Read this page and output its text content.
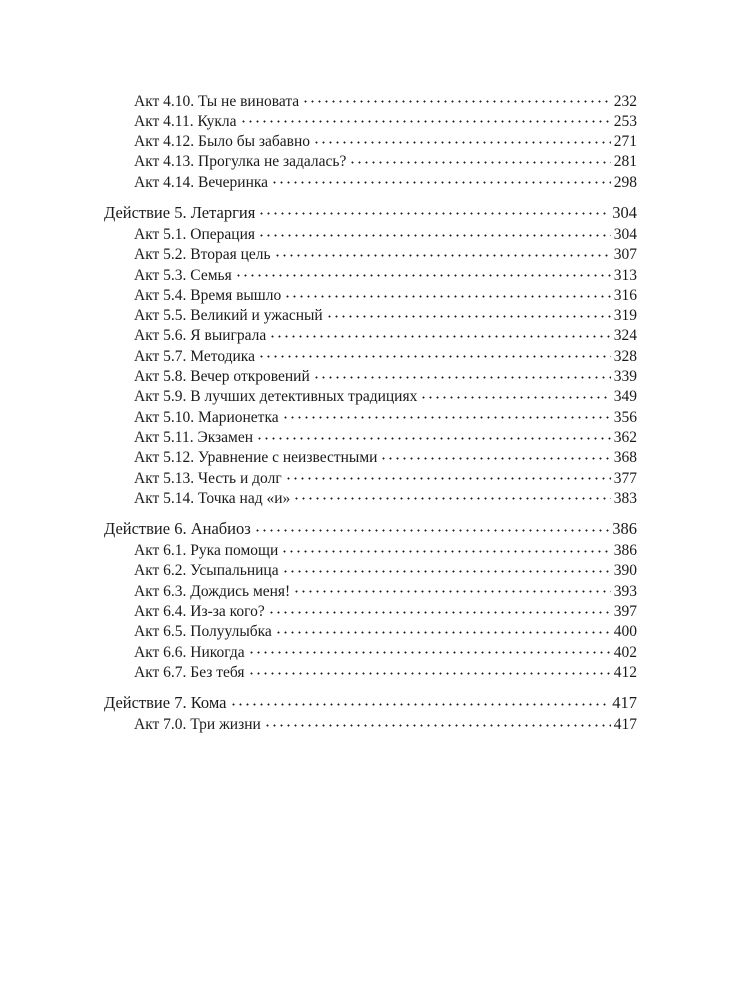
Акт 4.10. Ты не виновата	232
Акт 4.11. Кукла	253
Акт 4.12. Было бы забавно	271
Акт 4.13. Прогулка не задалась?	281
Акт 4.14. Вечеринка	298
Действие 5. Летаргия	304
Акт 5.1. Операция	304
Акт 5.2. Вторая цель	307
Акт 5.3. Семья	313
Акт 5.4. Время вышло	316
Акт 5.5. Великий и ужасный	319
Акт 5.6. Я выиграла	324
Акт 5.7. Методика	328
Акт 5.8. Вечер откровений	339
Акт 5.9. В лучших детективных традициях	349
Акт 5.10. Марионетка	356
Акт 5.11. Экзамен	362
Акт 5.12. Уравнение с неизвестными	368
Акт 5.13. Честь и долг	377
Акт 5.14. Точка над «и»	383
Действие 6. Анабиоз	386
Акт 6.1. Рука помощи	386
Акт 6.2. Усыпальница	390
Акт 6.3. Дождись меня!	393
Акт 6.4. Из-за кого?	397
Акт 6.5. Полуулыбка	400
Акт 6.6. Никогда	402
Акт 6.7. Без тебя	412
Действие 7. Кома	417
Акт 7.0. Три жизни	417
